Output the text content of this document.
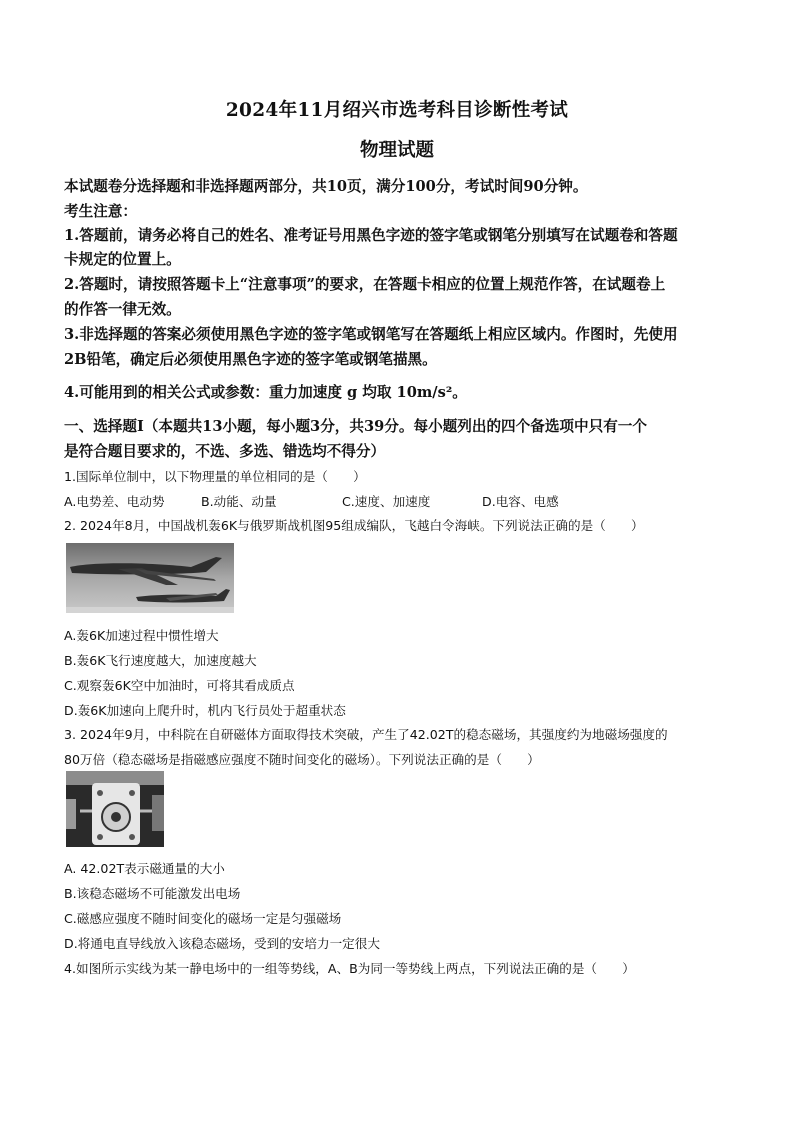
2024年11月绍兴市选考科目诊断性考试
物理试题
本试题卷分选择题和非选择题两部分，共10页，满分100分，考试时间90分钟。
考生注意：
1.答题前，请务必将自己的姓名、准考证号用黑色字迹的签字笔或钢笔分别填写在试题卷和答题
卡规定的位置上。
2.答题时，请按照答题卡上“注意事项”的要求，在答题卡相应的位置上规范作答，在试题卷上
的作答一律无效。
3.非选择题的答案必须使用黑色字迹的签字笔或钢笔写在答题纸上相应区域内。作图时，先使用
2B铅笔，确定后必须使用黑色字迹的签字笔或钢笔描黑。
4.可能用到的相关公式或参数：重力加速度 g 均取 10m/s²。
一、选择题Ⅰ（本题共13小题，每小题3分，共39分。每小题列出的四个备选项中只有一个
是符合题目要求的，不选、多选、错选均不得分）
1.国际单位制中，以下物理量的单位相同的是（　　）
A.电势差、电动势	B.动能、动量	C.速度、加速度	D.电容、电感
2. 2024年8月，中国战机轰6K与俄罗斯战机图95组成编队，飞越白令海峡。下列说法正确的是（　　）
A.轰6K加速过程中惯性增大
B.轰6K飞行速度越大，加速度越大
C.观察轰6K空中加油时，可将其看成质点
D.轰6K加速向上爬升时，机内飞行员处于超重状态
3. 2024年9月，中科院在自研磁体方面取得技术突破，产生了42.02T的稳态磁场，其强度约为地磁场强度的
80万倍（稳态磁场是指磁感应强度不随时间变化的磁场）。下列说法正确的是（　　）
A. 42.02T表示磁通量的大小
B.该稳态磁场不可能激发出电场
C.磁感应强度不随时间变化的磁场一定是匀强磁场
D.将通电直导线放入该稳态磁场，受到的安培力一定很大
4.如图所示实线为某一静电场中的一组等势线，A、B为同一等势线上两点，下列说法正确的是（　　）
